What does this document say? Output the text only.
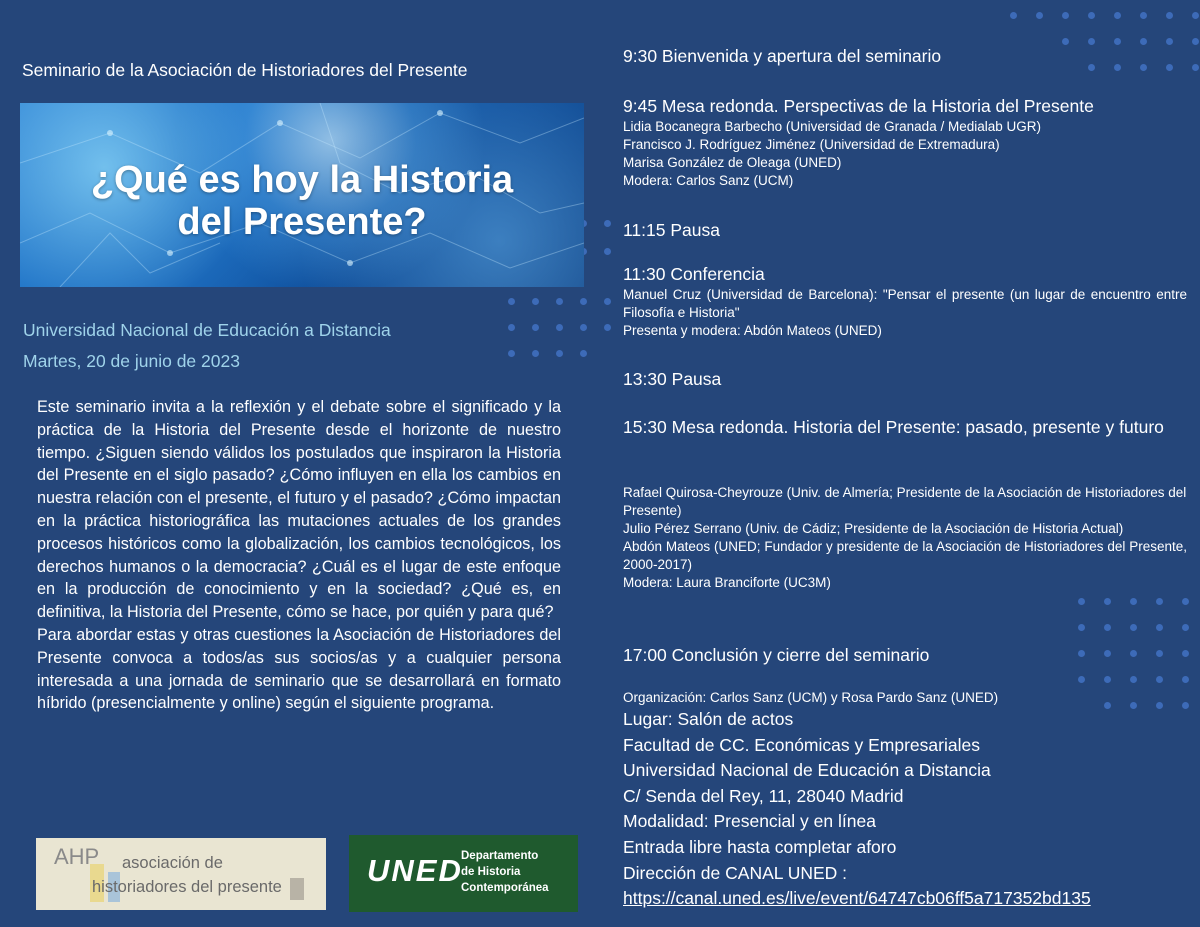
Seminario de la Asociación de Historiadores del Presente
¿Qué es hoy la Historia
del Presente?
Universidad Nacional de Educación a Distancia
Martes, 20 de junio de 2023

Este seminario invita a la reflexión y el debate sobre el significado y la práctica de la Historia del Presente desde el horizonte de nuestro tiempo. ¿Siguen siendo válidos los postulados que inspiraron la Historia del Presente en el siglo pasado? ¿Cómo influyen en ella los cambios en nuestra relación con el presente, el futuro y el pasado? ¿Cómo impactan en la práctica historiográfica las mutaciones actuales de los grandes procesos históricos como la globalización, los cambios tecnológicos, los derechos humanos o la democracia? ¿Cuál es el lugar de este enfoque en la producción de conocimiento y en la sociedad? ¿Qué es, en definitiva, la Historia del Presente, cómo se hace, por quién y para qué?

Para abordar estas y otras cuestiones la Asociación de Historiadores del Presente convoca a todos/as sus socios/as y a cualquier persona interesada a una jornada de seminario que se desarrollará en formato híbrido (presencialmente y online) según el siguiente programa.

AHP asociación de
historiadores del presente	UNED
Departamento
de Historia
Contemporánea
9:30 Bienvenida y apertura del seminario
9:45 Mesa redonda. Perspectivas de la Historia del Presente
Lidia Bocanegra Barbecho (Universidad de Granada / Medialab UGR)
Francisco J. Rodríguez Jiménez (Universidad de Extremadura)
Marisa González de Oleaga (UNED)
Modera: Carlos Sanz (UCM)
11:15 Pausa
11:30 Conferencia
Manuel Cruz (Universidad de Barcelona): "Pensar el presente (un lugar de encuentro entre Filosofía e Historia"
Presenta y modera: Abdón Mateos (UNED)
13:30 Pausa
15:30 Mesa redonda. Historia del Presente: pasado, presente y futuro
Rafael Quirosa-Cheyrouze (Univ. de Almería; Presidente de la Asociación de Historiadores del Presente)
Julio Pérez Serrano (Univ. de Cádiz; Presidente de la Asociación de Historia Actual)
Abdón Mateos (UNED; Fundador y presidente de la Asociación de Historiadores del Presente, 2000-2017)
Modera: Laura Branciforte (UC3M)
17:00 Conclusión y cierre del seminario
Organización: Carlos Sanz (UCM) y Rosa Pardo Sanz (UNED)
Lugar: Salón de actos
Facultad de CC. Económicas y Empresariales
Universidad Nacional de Educación a Distancia
C/ Senda del Rey, 11, 28040 Madrid
Modalidad: Presencial y en línea
Entrada libre hasta completar aforo
Dirección de CANAL UNED :
https://canal.uned.es/live/event/64747cb06ff5a717352bd135
